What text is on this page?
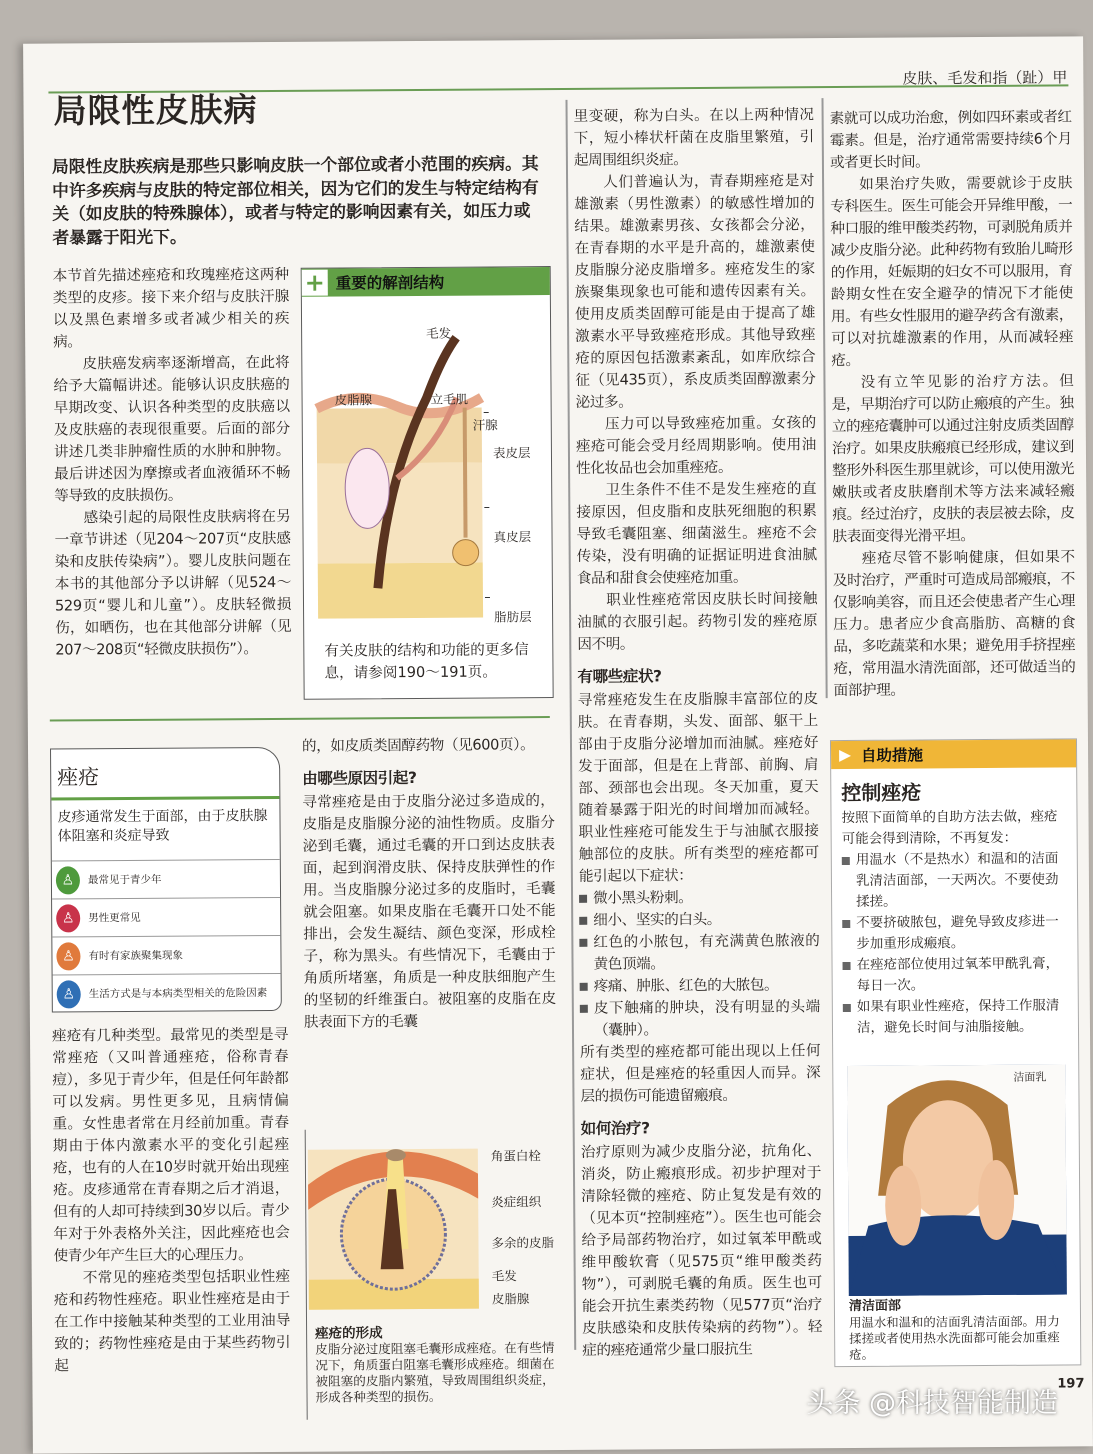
皮肤、毛发和指（趾）甲
局限性皮肤病
局限性皮肤疾病是那些只影响皮肤一个部位或者小范围的疾病。其中许多疾病与皮肤的特定部位相关，因为它们的发生与特定结构有关（如皮肤的特殊腺体），或者与特定的影响因素有关，如压力或者暴露于阳光下。

本节首先描述痤疮和玫瑰痤疮这两种类型的皮疹。接下来介绍与皮肤汗腺以及黑色素增多或者减少相关的疾病。

皮肤癌发病率逐渐增高，在此将给予大篇幅讲述。能够认识皮肤癌的早期改变、认识各种类型的皮肤癌以及皮肤癌的表现很重要。后面的部分讲述几类非肿瘤性质的水肿和肿物。最后讲述因为摩擦或者血液循环不畅等导致的皮肤损伤。

感染引起的局限性皮肤病将在另一章节讲述（见204～207页“皮肤感染和皮肤传染病”）。婴儿皮肤问题在本书的其他部分予以讲解（见524～529页“婴儿和儿童”）。皮肤轻微损伤，如晒伤，也在其他部分讲解（见207～208页“轻微皮肤损伤”）。

+ 重要的解剖结构
毛发
皮脂腺	立毛肌
汗腺
表皮层
真皮层
脂肪层
有关皮肤的结构和功能的更多信息，请参阅190～191页。
痤疮
皮疹通常发生于面部，由于皮肤腺体阻塞和炎症导致
♙	最常见于青少年
♙	男性更常见
♙	有时有家族聚集现象
♙	生活方式是与本病类型相关的危险因素

痤疮有几种类型。最常见的类型是寻常痤疮（又叫普通痤疮，俗称青春痘），多见于青少年，但是任何年龄都可以发病。男性更多见，且病情偏重。女性患者常在月经前加重。青春期由于体内激素水平的变化引起痤疮，也有的人在10岁时就开始出现痤疮。皮疹通常在青春期之后才消退，但有的人却可持续到30岁以后。青少年对于外表格外关注，因此痤疮也会使青少年产生巨大的心理压力。

不常见的痤疮类型包括职业性痤疮和药物性痤疮。职业性痤疮是由于在工作中接触某种类型的工业用油导致的；药物性痤疮是由于某些药物引起

的，如皮质类固醇药物（见600页）。

由哪些原因引起?

寻常痤疮是由于皮脂分泌过多造成的，皮脂是皮脂腺分泌的油性物质。皮脂分泌到毛囊，通过毛囊的开口到达皮肤表面，起到润滑皮肤、保持皮肤弹性的作用。当皮脂腺分泌过多的皮脂时，毛囊就会阻塞。如果皮脂在毛囊开口处不能排出，会发生凝结、颜色变深，形成栓子，称为黑头。有些情况下，毛囊由于角质所堵塞，角质是一种皮肤细胞产生的坚韧的纤维蛋白。被阻塞的皮脂在皮肤表面下方的毛囊

角蛋白栓
炎症组织
多余的皮脂
毛发
皮脂腺
痤疮的形成
皮脂分泌过度阻塞毛囊形成痤疮。在有些情况下，角质蛋白阻塞毛囊形成痤疮。细菌在被阻塞的皮脂内繁殖，导致周围组织炎症，形成各种类型的损伤。

里变硬，称为白头。在以上两种情况下，短小棒状杆菌在皮脂里繁殖，引起周围组织炎症。

人们普遍认为，青春期痤疮是对雄激素（男性激素）的敏感性增加的结果。雄激素男孩、女孩都会分泌，在青春期的水平是升高的，雄激素使皮脂腺分泌皮脂增多。痤疮发生的家族聚集现象也可能和遗传因素有关。使用皮质类固醇可能是由于提高了雄激素水平导致痤疮形成。其他导致痤疮的原因包括激素紊乱，如库欣综合征（见435页），系皮质类固醇激素分泌过多。

压力可以导致痤疮加重。女孩的痤疮可能会受月经周期影响。使用油性化妆品也会加重痤疮。

卫生条件不佳不是发生痤疮的直接原因，但皮脂和皮肤死细胞的积累导致毛囊阻塞、细菌滋生。痤疮不会传染，没有明确的证据证明进食油腻食品和甜食会使痤疮加重。

职业性痤疮常因皮肤长时间接触油腻的衣服引起。药物引发的痤疮原因不明。

有哪些症状?

寻常痤疮发生在皮脂腺丰富部位的皮肤。在青春期，头发、面部、躯干上部由于皮脂分泌增加而油腻。痤疮好发于面部，但是在上背部、前胸、肩部、颈部也会出现。冬天加重，夏天随着暴露于阳光的时间增加而减轻。职业性痤疮可能发生于与油腻衣服接触部位的皮肤。所有类型的痤疮都可能引起以下症状：

微小黑头粉刺。
细小、坚实的白头。
红色的小脓包，有充满黄色脓液的黄色顶端。
疼痛、肿胀、红色的大脓包。
皮下触痛的肿块，没有明显的头端（囊肿）。

所有类型的痤疮都可能出现以上任何症状，但是痤疮的轻重因人而异。深层的损伤可能遗留瘢痕。

如何治疗?

治疗原则为减少皮脂分泌，抗角化、消炎，防止瘢痕形成。初步护理对于清除轻微的痤疮、防止复发是有效的（见本页“控制痤疮”）。医生也可能会给予局部药物治疗，如过氧苯甲酰或维甲酸软膏（见575页“维甲酸类药物”），可剥脱毛囊的角质。医生也可能会开抗生素类药物（见577页“治疗皮肤感染和皮肤传染病的药物”）。轻症的痤疮通常少量口服抗生

素就可以成功治愈，例如四环素或者红霉素。但是，治疗通常需要持续6个月或者更长时间。

如果治疗失败，需要就诊于皮肤专科医生。医生可能会开异维甲酸，一种口服的维甲酸类药物，可剥脱角质并减少皮脂分泌。此种药物有致胎儿畸形的作用，妊娠期的妇女不可以服用，育龄期女性在安全避孕的情况下才能使用。有些女性服用的避孕药含有激素，可以对抗雄激素的作用，从而减轻痤疮。

没有立竿见影的治疗方法。但是，早期治疗可以防止瘢痕的产生。独立的痤疮囊肿可以通过注射皮质类固醇治疗。如果皮肤瘢痕已经形成，建议到整形外科医生那里就诊，可以使用激光嫩肤或者皮肤磨削术等方法来减轻瘢痕。经过治疗，皮肤的表层被去除，皮肤表面变得光滑平坦。

痤疮尽管不影响健康，但如果不及时治疗，严重时可造成局部瘢痕，不仅影响美容，而且还会使患者产生心理压力。患者应少食高脂肪、高糖的食品，多吃蔬菜和水果；避免用手挤捏痤疮，常用温水清洗面部，还可做适当的面部护理。

▶ 自助措施
控制痤疮
按照下面简单的自助方法去做，痤疮可能会得到清除，不再复发：
用温水（不是热水）和温和的洁面乳清洁面部，一天两次。不要使劲揉搓。
不要挤破脓包，避免导致皮疹进一步加重形成瘢痕。
在痤疮部位使用过氧苯甲酰乳膏，每日一次。
如果有职业性痤疮，保持工作服清洁，避免长时间与油脂接触。
洁面乳
清洁面部
用温水和温和的洁面乳清洁面部。用力揉搓或者使用热水洗面都可能会加重痤疮。
197
头条 @科技智能制造
